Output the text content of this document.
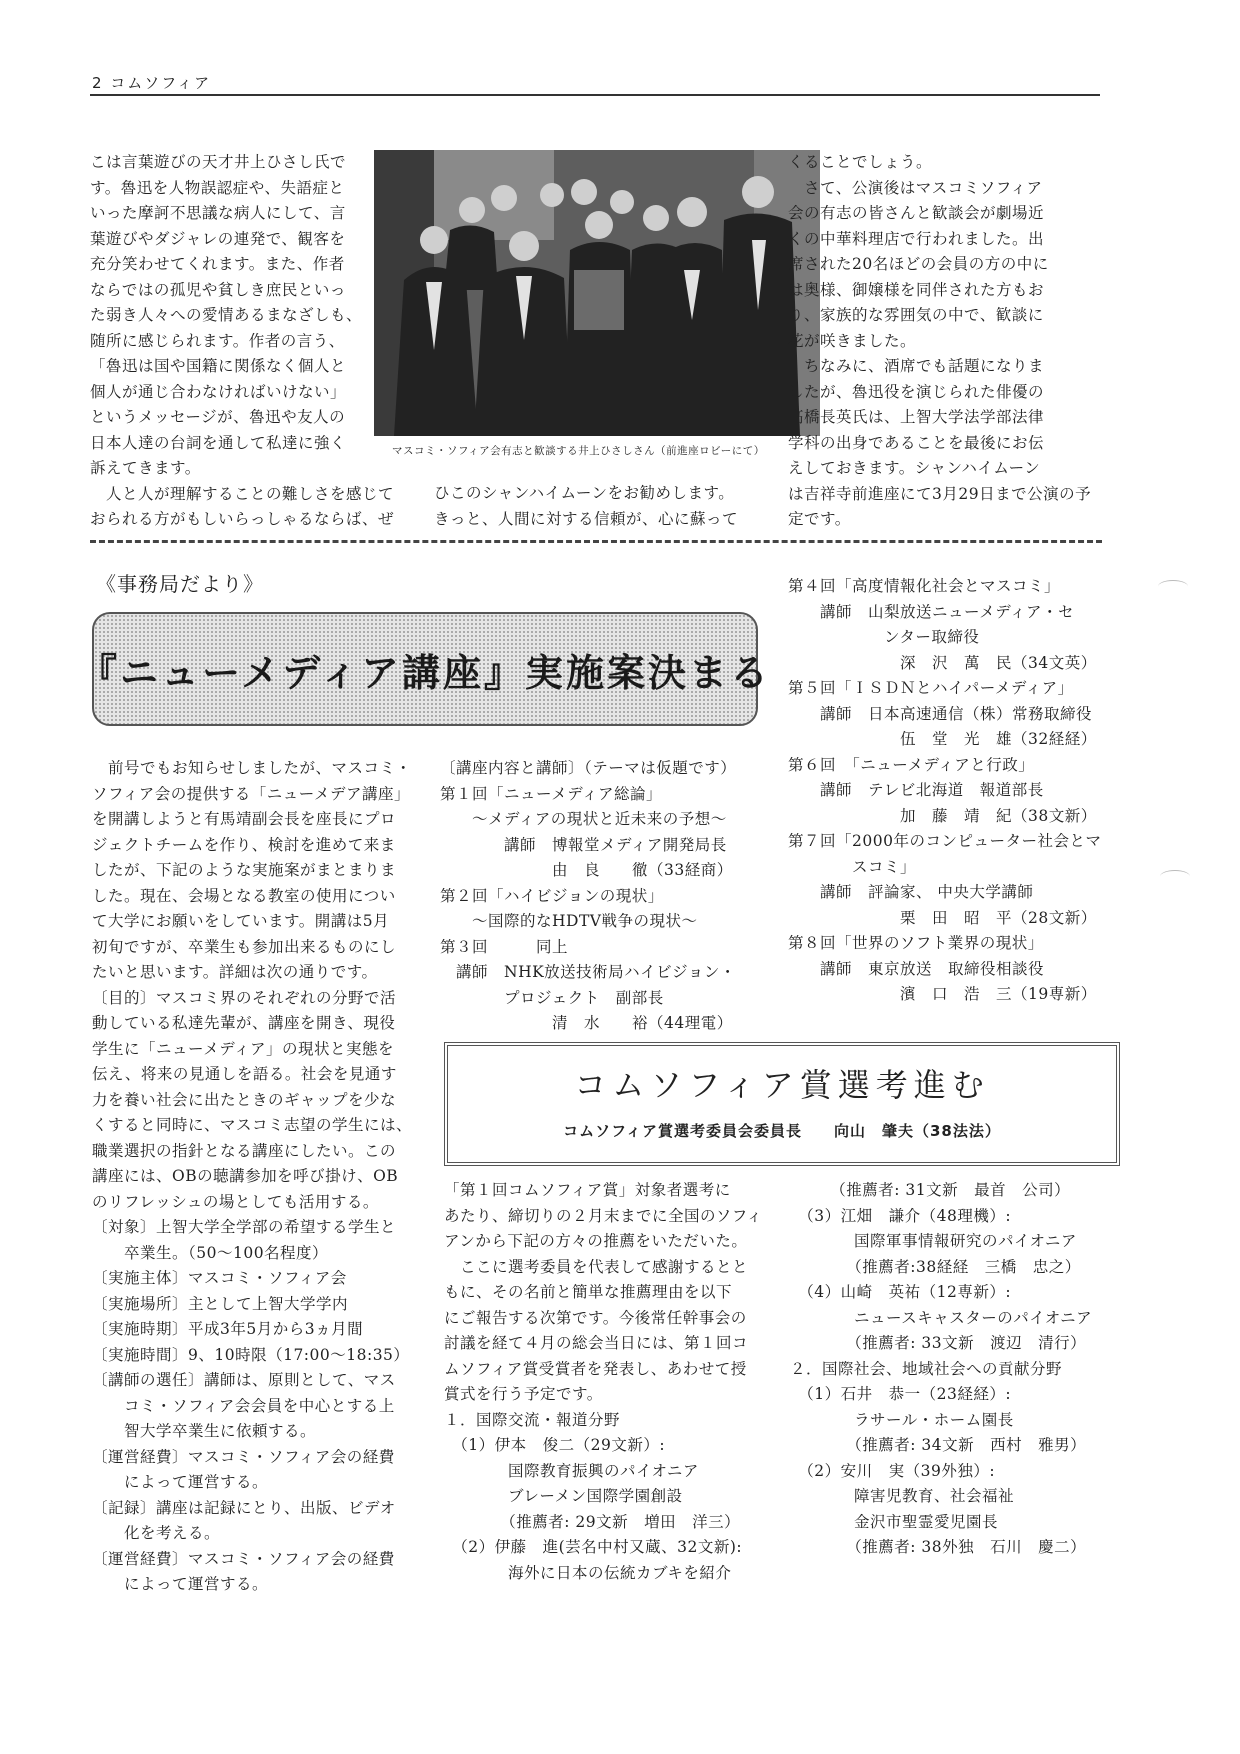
2 コムソフィア

こは言葉遊びの天才井上ひさし氏で

す。魯迅を人物誤認症や、失語症と

いった摩訶不思議な病人にして、言

葉遊びやダジャレの連発で、観客を

充分笑わせてくれます。また、作者

ならではの孤児や貧しき庶民といっ

た弱き人々への愛情あるまなざしも、

随所に感じられます。作者の言う、

「魯迅は国や国籍に関係なく個人と

個人が通じ合わなければいけない」

というメッセージが、魯迅や友人の

日本人達の台詞を通して私達に強く

訴えてきます。

　人と人が理解することの難しさを感じて

おられる方がもしいらっしゃるならば、ぜ

マスコミ・ソフィア会有志と歓談する井上ひさしさん（前進座ロビーにて）

ひこのシャンハイムーンをお勧めします。

きっと、人間に対する信頼が、心に蘇って

くることでしょう。

　さて、公演後はマスコミソフィア

会の有志の皆さんと歓談会が劇場近

くの中華料理店で行われました。出

席された20名ほどの会員の方の中に

は奥様、御嬢様を同伴された方もお

り、家族的な雰囲気の中で、歓談に

花が咲きました。

　ちなみに、酒席でも話題になりま

したが、魯迅役を演じられた俳優の

高橋長英氏は、上智大学法学部法律

学科の出身であることを最後にお伝

えしておきます。シャンハイムーン

は吉祥寺前進座にて3月29日まで公演の予

定です。

《事務局だより》
『ニューメディア講座』実施案決まる

　前号でもお知らせしましたが、マスコミ・

ソフィア会の提供する「ニューメデア講座」

を開講しようと有馬靖副会長を座長にプロ

ジェクトチームを作り、検討を進めて来ま

したが、下記のような実施案がまとまりま

した。現在、会場となる教室の使用につい

て大学にお願いをしています。開講は5月

初旬ですが、卒業生も参加出来るものにし

たいと思います。詳細は次の通りです。

〔目的〕マスコミ界のそれぞれの分野で活

動している私達先輩が、講座を開き、現役

学生に「ニューメディア」の現状と実態を

伝え、将来の見通しを語る。社会を見通す

力を養い社会に出たときのギャップを少な

くすると同時に、マスコミ志望の学生には、

職業選択の指針となる講座にしたい。この

講座には、OBの聴講参加を呼び掛け、OB

のリフレッシュの場としても活用する。

〔対象〕上智大学全学部の希望する学生と

　　卒業生。（50〜100名程度）

〔実施主体〕マスコミ・ソフィア会

〔実施場所〕主として上智大学学内

〔実施時期〕平成3年5月から3ヵ月間

〔実施時間〕9、10時限（17:00〜18:35）

〔講師の選任〕講師は、原則として、マス

　　コミ・ソフィア会会員を中心とする上

　　智大学卒業生に依頼する。

〔運営経費〕マスコミ・ソフィア会の経費

　　によって運営する。

〔記録〕講座は記録にとり、出版、ビデオ

　　化を考える。

〔運営経費〕マスコミ・ソフィア会の経費

　　によって運営する。

〔講座内容と講師〕（テーマは仮題です）

第１回「ニューメディア総論」

　　〜メディアの現状と近未来の予想〜

　　　　講師　博報堂メディア開発局長

　　　　　　　由　良　　徹（33経商）

第２回「ハイビジョンの現状」

　　〜国際的なHDTV戦争の現状〜

第３回　　　同上

　講師　NHK放送技術局ハイビジョン・

　　　　プロジェクト　副部長

　　　　　　　清　水　　裕（44理電）

第４回「高度情報化社会とマスコミ」

　　講師　山梨放送ニューメディア・セ

　　　　　　ンター取締役

　　　　　　　深　沢　萬　民（34文英）

第５回「ＩＳＤＮとハイパーメディア」

　　講師　日本高速通信（株）常務取締役

　　　　　　　伍　堂　光　雄（32経経）

第６回　「ニューメディアと行政」

　　講師　テレビ北海道　報道部長

　　　　　　　加　藤　靖　紀（38文新）

第７回「2000年のコンピューター社会とマ

　　　　スコミ」

　　講師　評論家、 中央大学講師

　　　　　　　栗　田　昭　平（28文新）

第８回「世界のソフト業界の現状」

　　講師　東京放送　取締役相談役

　　　　　　　濱　口　浩　三（19専新）

コムソフィア賞選考進む
コムソフィア賞選考委員会委員長　　向山　肇夫（38法法）

「第１回コムソフィア賞」対象者選考に

あたり、締切りの２月末までに全国のソフィ

アンから下記の方々の推薦をいただいた。

　ここに選考委員を代表して感謝するとと

もに、その名前と簡単な推薦理由を以下

にご報告する次第です。今後常任幹事会の

討議を経て４月の総会当日には、第１回コ

ムソフィア賞受賞者を発表し、あわせて授

賞式を行う予定です。

１．国際交流・報道分野

　（1）伊本　俊二（29文新）:

　　　　国際教育振興のパイオニア

　　　　ブレーメン国際学園創設

　　　　（推薦者: 29文新　増田　洋三）

　（2）伊藤　進(芸名中村又蔵、32文新):

　　　　海外に日本の伝統カブキを紹介

　　　（推薦者: 31文新　最首　公司）

　（3）江畑　謙介（48理機）:

　　　　国際軍事情報研究のパイオニア

　　　　（推薦者:38経経　三橋　忠之）

　（4）山崎　英祐（12専新）:

　　　　ニュースキャスターのパイオニア

　　　　（推薦者: 33文新　渡辺　清行）

２．国際社会、地域社会への貢献分野

　（1）石井　恭一（23経経）:

　　　　ラサール・ホーム園長

　　　　（推薦者: 34文新　西村　雅男）

　（2）安川　実（39外独）:

　　　　障害児教育、社会福祉

　　　　金沢市聖霊愛児園長

　　　　（推薦者: 38外独　石川　慶二）
